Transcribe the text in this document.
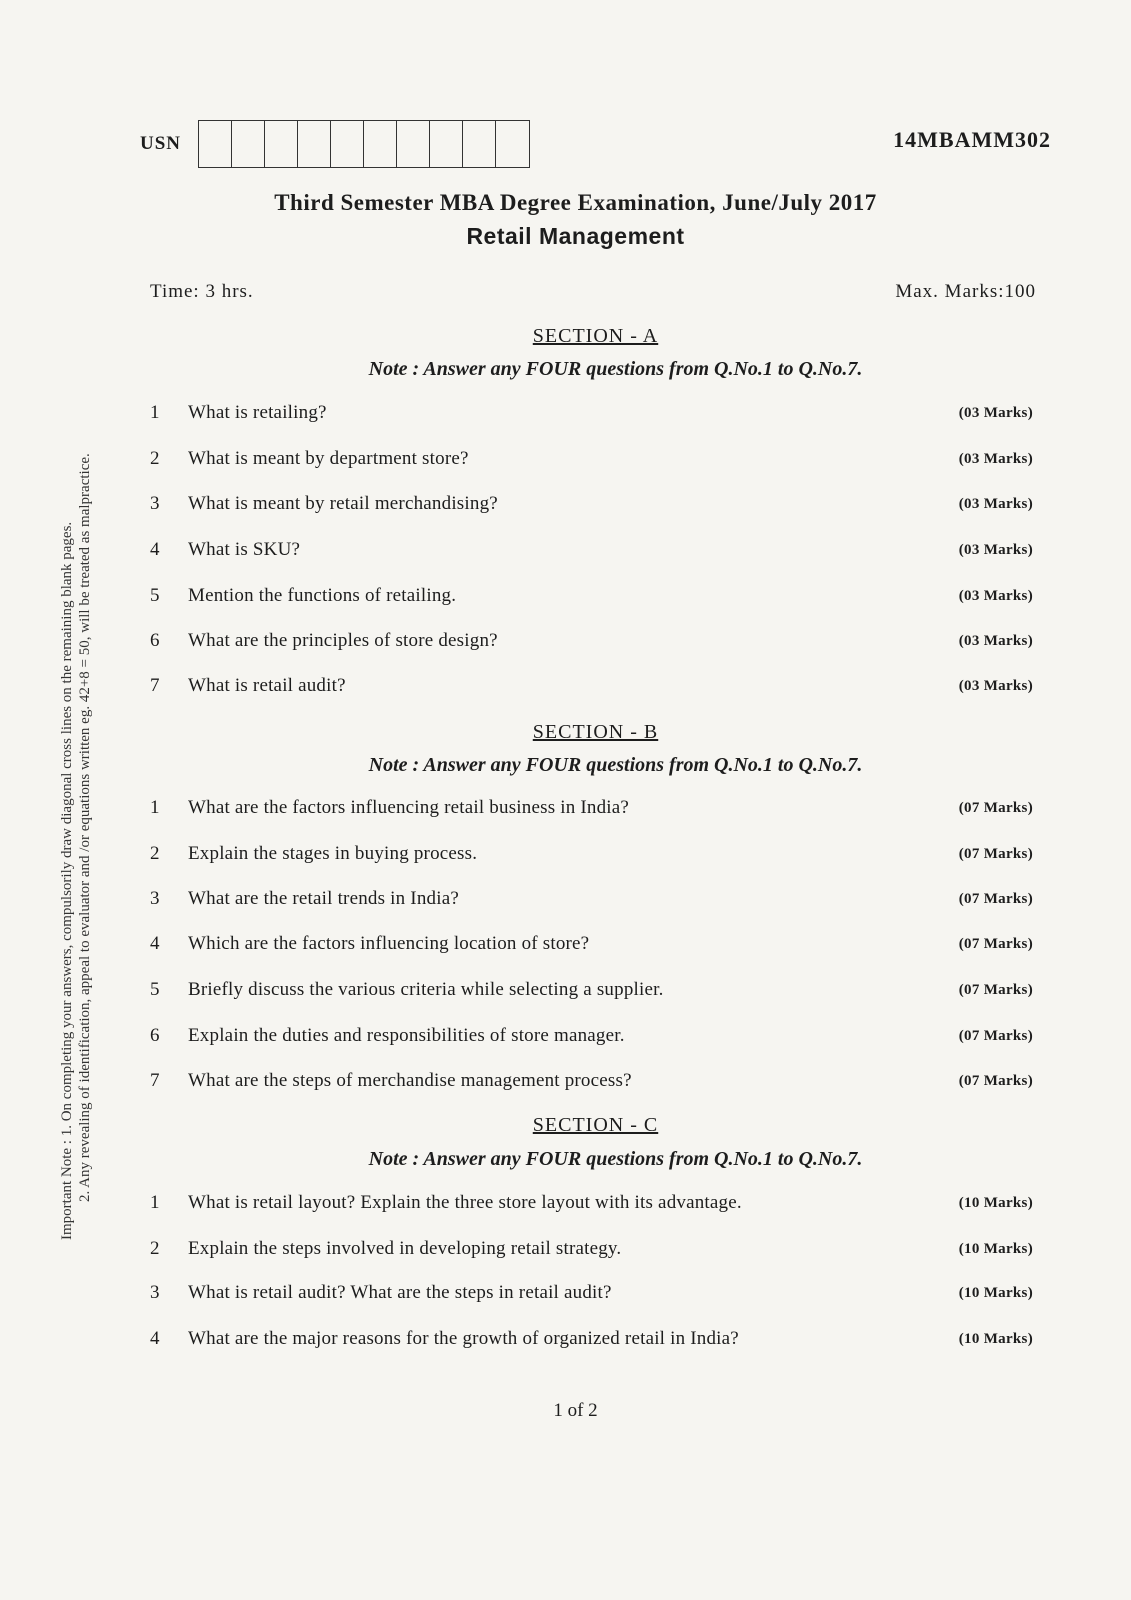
USN	14MBAMM302
Third Semester MBA Degree Examination, June/July 2017
Retail Management
Time: 3 hrs.	Max. Marks:100
Important Note : 1. On completing your answers, compulsorily draw diagonal cross lines on the remaining blank pages. 2. Any revealing of identification, appeal to evaluator and /or equations written eg. 42+8 = 50, will be treated as malpractice.
SECTION - A
Note : Answer any FOUR questions from Q.No.1 to Q.No.7.
1	What is retailing?	(03 Marks)
2	What is meant by department store?	(03 Marks)
3	What is meant by retail merchandising?	(03 Marks)
4	What is SKU?	(03 Marks)
5	Mention the functions of retailing.	(03 Marks)
6	What are the principles of store design?	(03 Marks)
7	What is retail audit?	(03 Marks)
SECTION - B
Note : Answer any FOUR questions from Q.No.1 to Q.No.7.
1	What are the factors influencing retail business in India?	(07 Marks)
2	Explain the stages in buying process.	(07 Marks)
3	What are the retail trends in India?	(07 Marks)
4	Which are the factors influencing location of store?	(07 Marks)
5	Briefly discuss the various criteria while selecting a supplier.	(07 Marks)
6	Explain the duties and responsibilities of store manager.	(07 Marks)
7	What are the steps of merchandise management process?	(07 Marks)
SECTION - C
Note : Answer any FOUR questions from Q.No.1 to Q.No.7.
1	What is retail layout? Explain the three store layout with its advantage.	(10 Marks)
2	Explain the steps involved in developing retail strategy.	(10 Marks)
3	What is retail audit? What are the steps in retail audit?	(10 Marks)
4	What are the major reasons for the growth of organized retail in India?	(10 Marks)
1 of 2
